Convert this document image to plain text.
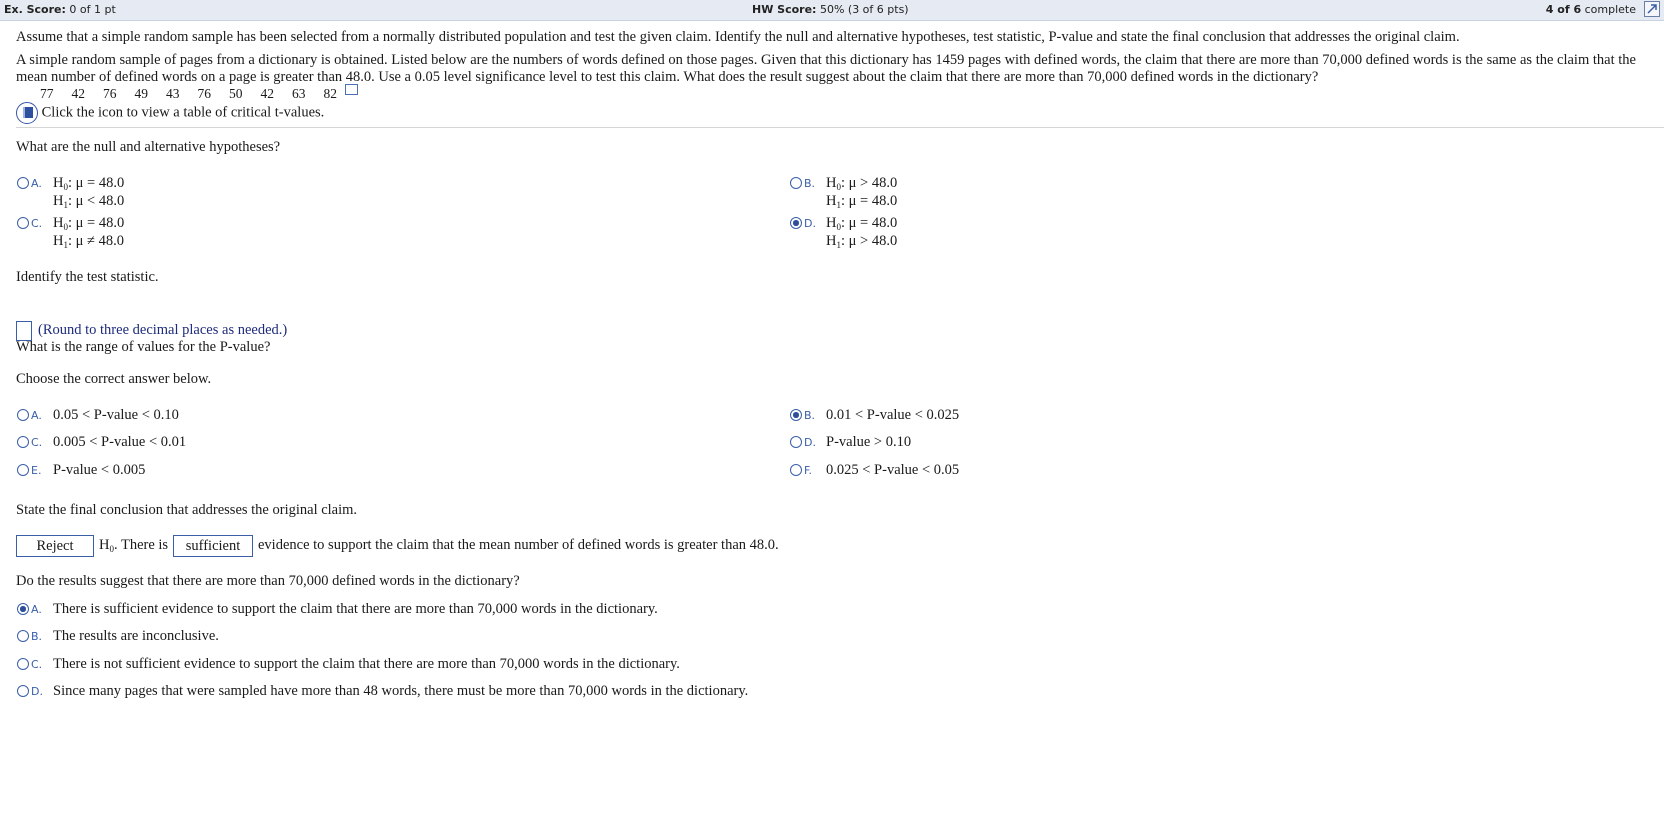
Ex. Score: 0 of 1 pt	HW Score: 50% (3 of 6 pts)	4 of 6 complete
Assume that a simple random sample has been selected from a normally distributed population and test the given claim. Identify the null and alternative hypotheses, test statistic, P-value and state the final conclusion that addresses the original claim.
A simple random sample of pages from a dictionary is obtained. Listed below are the numbers of words defined on those pages. Given that this dictionary has 1459 pages with defined words, the claim that there are more than 70,000 defined words is the same as the claim that the mean number of defined words on a page is greater than 48.0. Use a 0.05 level significance level to test this claim. What does the result suggest about the claim that there are more than 70,000 defined words in the dictionary?
77 42 76 49 43 76 50 42 63 82
Click the icon to view a table of critical t-values.
What are the null and alternative hypotheses?
A. $H_0$: μ = 48.0
$H_1$: μ < 48.0
B. $H_0$: μ > 48.0
$H_1$: μ = 48.0
C. $H_0$: μ = 48.0
$H_1$: μ ≠ 48.0
D. $H_0$: μ = 48.0
$H_1$: μ > 48.0
Identify the test statistic.
(Round to three decimal places as needed.)
What is the range of values for the P-value?
Choose the correct answer below.
A. 0.05 < P-value < 0.10	B. 0.01 < P-value < 0.025
C. 0.005 < P-value < 0.01	D. P-value > 0.10
E. P-value < 0.005	F. 0.025 < P-value < 0.05
State the final conclusion that addresses the original claim.
Reject	$H_0$. There is	sufficient	evidence to support the claim that the mean number of defined words is greater than 48.0.
Do the results suggest that there are more than 70,000 defined words in the dictionary?
A. There is sufficient evidence to support the claim that there are more than 70,000 words in the dictionary.
B. The results are inconclusive.
C. There is not sufficient evidence to support the claim that there are more than 70,000 words in the dictionary.
D. Since many pages that were sampled have more than 48 words, there must be more than 70,000 words in the dictionary.
